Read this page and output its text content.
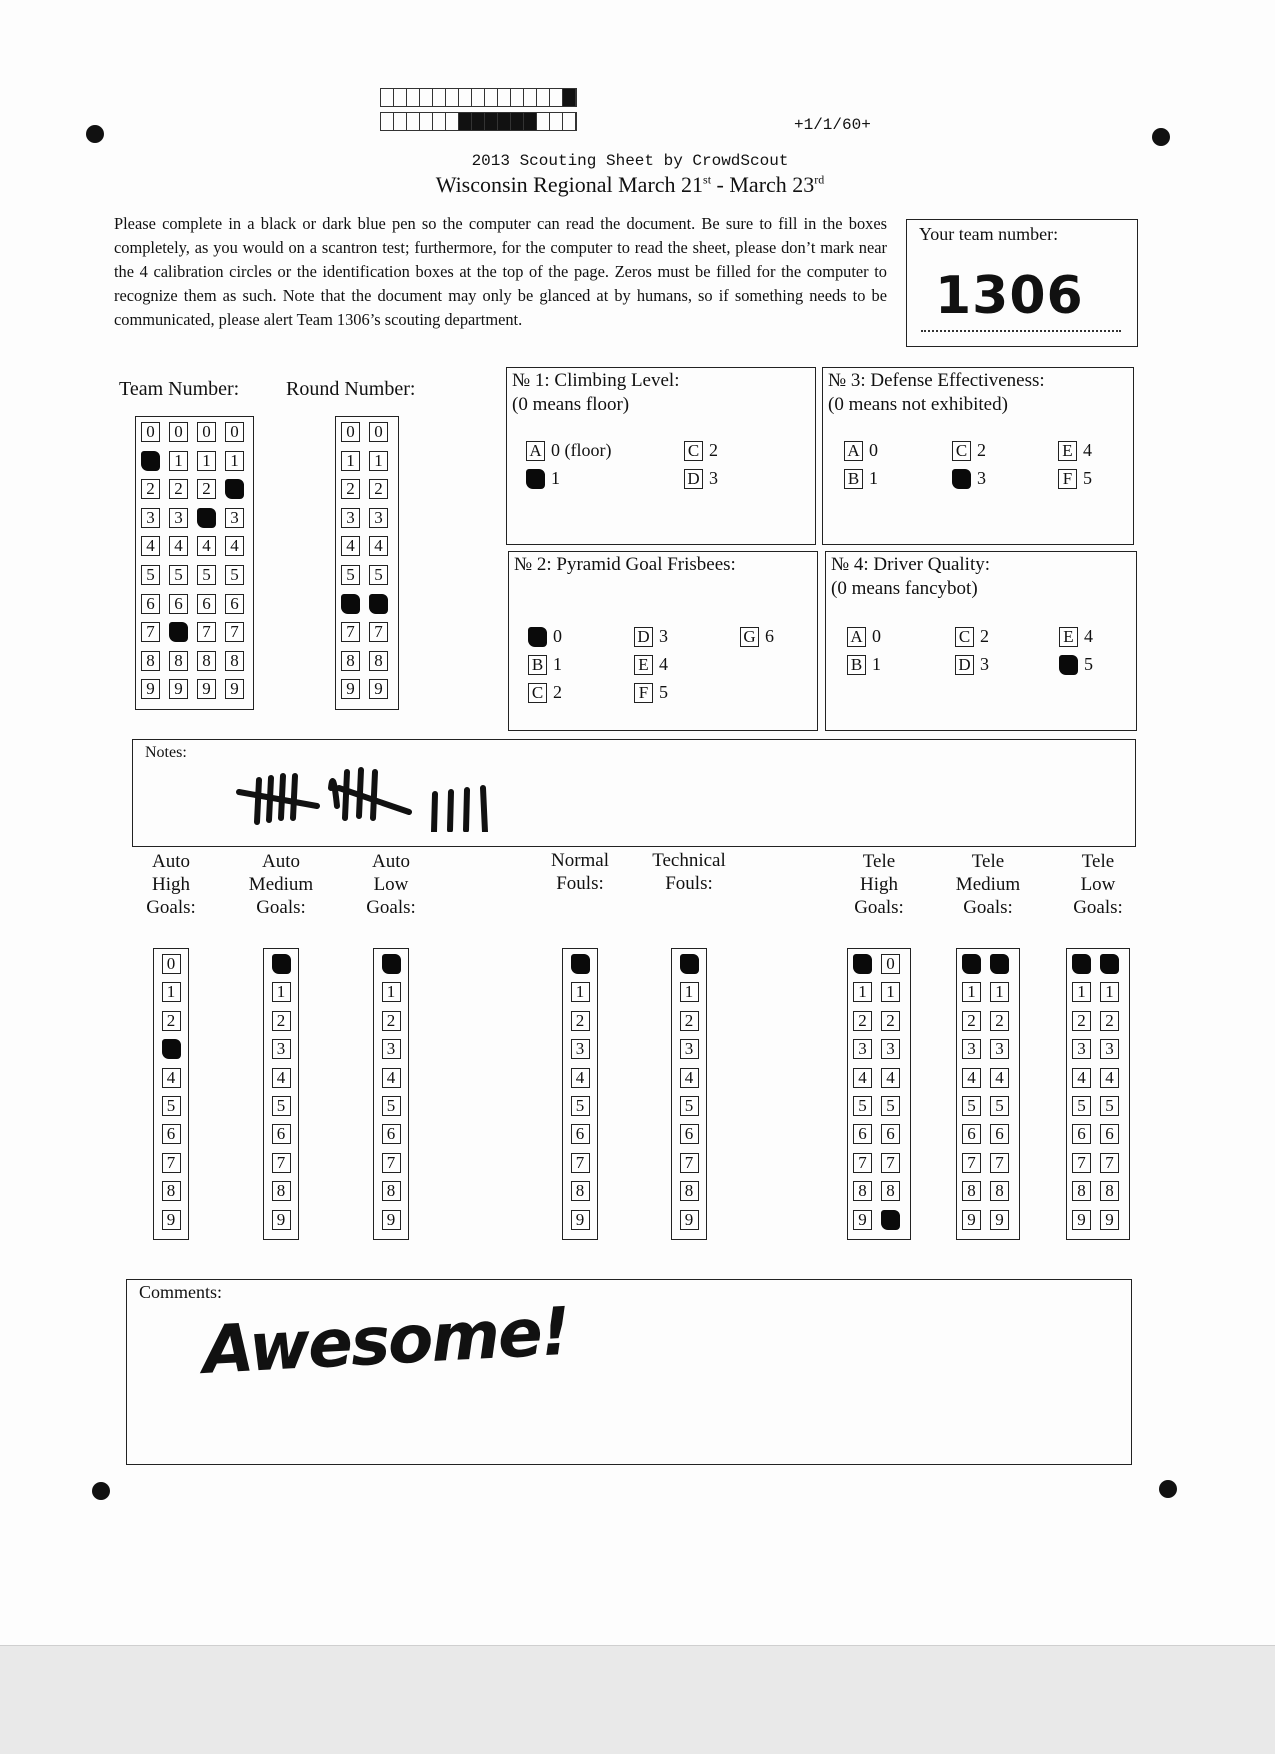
+1/1/60+
2013 Scouting Sheet by CrowdScout
Wisconsin Regional March 21st - March 23rd
Please complete in a black or dark blue pen so the computer can read the document. Be sure to fill in the boxes completely, as you would on a scantron test; furthermore, for the computer to read the sheet, please don’t mark near the 4 calibration circles or the identification boxes at the top of the page. Zeros must be filled for the computer to recognize them as such. Note that the document may only be glanced at by humans, so if something needs to be communicated, please alert Team 1306’s scouting department.
Your team number:
1306
Team Number: Round Number:
0
2
3
4
5
6
7
8
9
0
1
2
3
4
5
6
8
9
0
1
2
4
5
6
7
8
9
0
1
3
4
5
6
7
8
9
0
1
2
3
4
5
7
8
9
0
1
2
3
4
5
7
8
9
№ 1: Climbing Level:
(0 means floor)
A 0 (floor)
1
C 2
D 3
№ 2: Pyramid Goal Frisbees:
0
B 1
C 2
D 3
E 4
F 5
G 6
№ 3: Defense Effectiveness:
(0 means not exhibited)
A 0
B 1
C 2
3
E 4
F 5
№ 4: Driver Quality:
(0 means fancybot)
A 0
B 1
C 2
D 3
E 4
5
Notes:
Auto
High
Goals:
0
1
2
4
5
6
7
8
9
Auto
Medium
Goals:
1
2
3
4
5
6
7
8
9
Auto
Low
Goals:
1
2
3
4
5
6
7
8
9
Normal
Fouls:
1
2
3
4
5
6
7
8
9
Technical
Fouls:
1
2
3
4
5
6
7
8
9
Tele
High
Goals:
1
2
3
4
5
6
7
8
9
0
1
2
3
4
5
6
7
8
Tele
Medium
Goals:
1
2
3
4
5
6
7
8
9
1
2
3
4
5
6
7
8
9
Tele
Low
Goals:
1
2
3
4
5
6
7
8
9
1
2
3
4
5
6
7
8
9
Comments:
Awesome!
